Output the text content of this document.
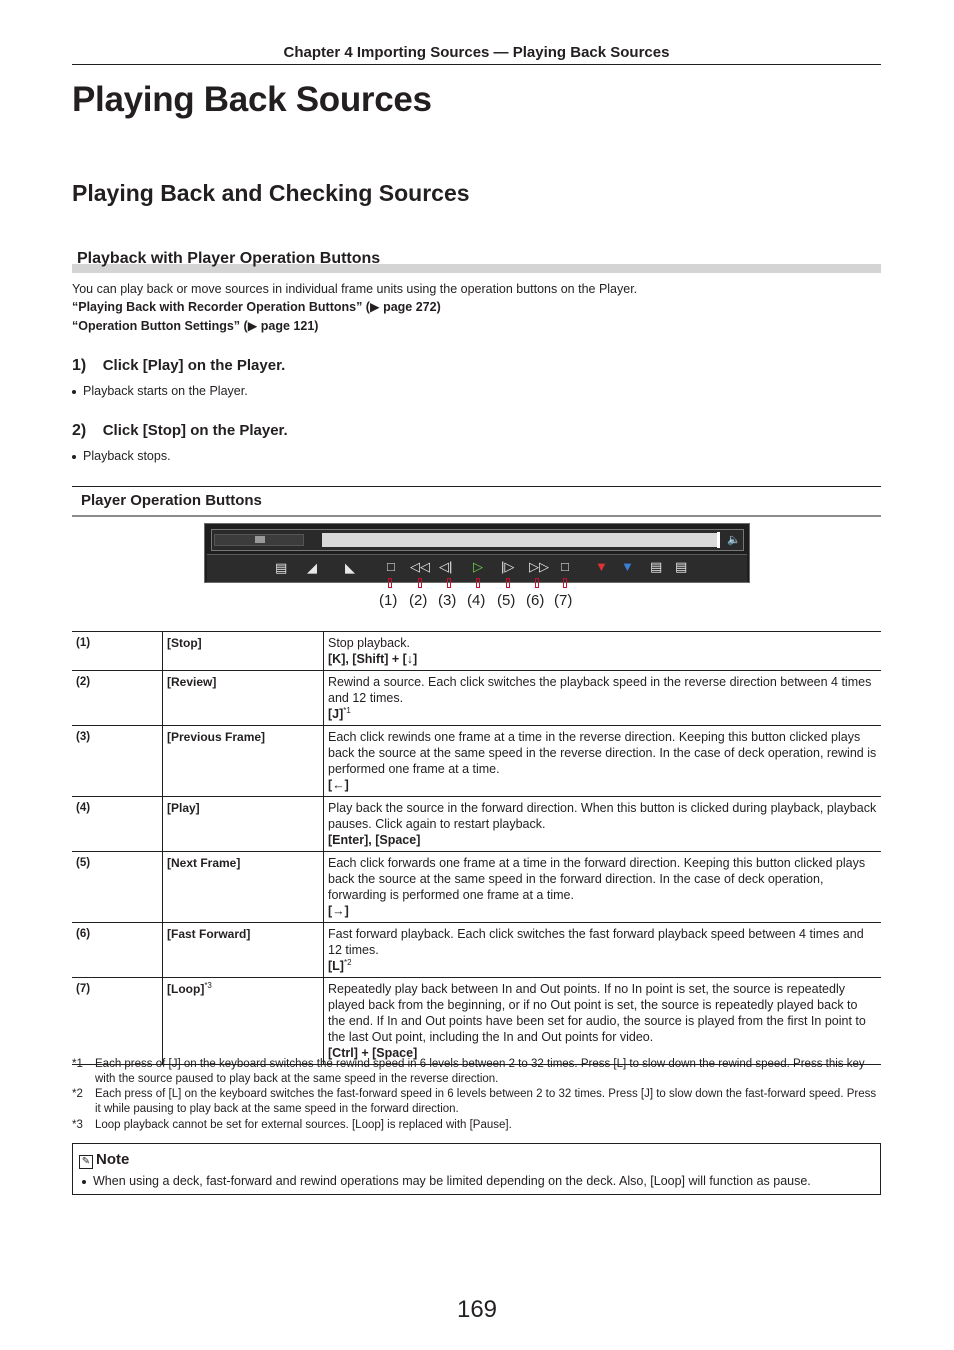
Chapter 4 Importing Sources — Playing Back Sources
Playing Back Sources
Playing Back and Checking Sources
Playback with Player Operation Buttons
You can play back or move sources in individual frame units using the operation buttons on the Player.
“Playing Back with Recorder Operation Buttons” (▶ page 272)
“Operation Button Settings” (▶ page 121)
1) Click [Play] on the Player.
Playback starts on the Player.
2) Click [Stop] on the Player.
Playback stops.
Player Operation Buttons
🔈
▤ ◢ ◣ □ ◁◁ ◁| ▷ |▷ ▷▷ □ ▼ ▼ ▤ ▤
(1) (2) (3) (4) (5) (6) (7)
(1)	[Stop]	Stop playback.
[K], [Shift] + [↓]

(2)	[Review]	Rewind a source. Each click switches the playback speed in the reverse direction between 4 times and 12 times.
[J]$^{*1}$

(3)	[Previous Frame]	Each click rewinds one frame at a time in the reverse direction. Keeping this button clicked plays back the source at the same speed in the reverse direction. In the case of deck operation, rewind is performed one frame at a time.
[←]

(4)	[Play]	Play back the source in the forward direction. When this button is clicked during playback, playback pauses. Click again to restart playback.
[Enter], [Space]

(5)	[Next Frame]	Each click forwards one frame at a time in the forward direction. Keeping this button clicked plays back the source at the same speed in the forward direction. In the case of deck operation, forwarding is performed one frame at a time.
[→]

(6)	[Fast Forward]	Fast forward playback. Each click switches the fast forward playback speed between 4 times and 12 times.
[L]$^{*2}$

(7)	[Loop]$^{*3}$	Repeatedly play back between In and Out points. If no In point is set, the source is repeatedly played back from the beginning, or if no Out point is set, the source is repeatedly played back to the end. If In and Out points have been set for audio, the source is played from the first In point to the last Out point, including the In and Out points for video.
[Ctrl] + [Space]
*1 Each press of [J] on the keyboard switches the rewind speed in 6 levels between 2 to 32 times. Press [L] to slow down the rewind speed. Press this key with the source paused to play back at the same speed in the reverse direction.
*2 Each press of [L] on the keyboard switches the fast-forward speed in 6 levels between 2 to 32 times. Press [J] to slow down the fast-forward speed. Press it while pausing to play back at the same speed in the forward direction.
*3 Loop playback cannot be set for external sources. [Loop] is replaced with [Pause].
✎ Note
When using a deck, fast-forward and rewind operations may be limited depending on the deck. Also, [Loop] will function as pause.
169
